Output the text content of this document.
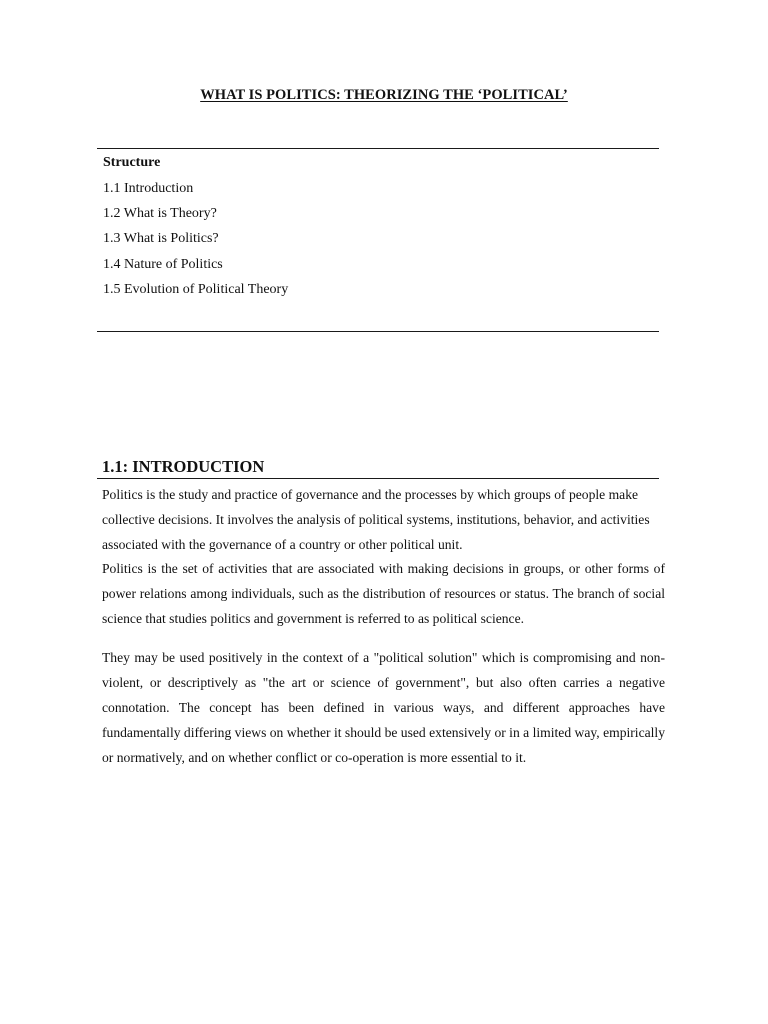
WHAT IS POLITICS: THEORIZING THE ‘POLITICAL’
Structure
1.1 Introduction
1.2 What is Theory?
1.3 What is Politics?
1.4 Nature of Politics
1.5 Evolution of Political Theory
1.1: INTRODUCTION

Politics is the study and practice of governance and the processes by which groups of people make collective decisions. It involves the analysis of political systems, institutions, behavior, and activities associated with the governance of a country or other political unit.

Politics is the set of activities that are associated with making decisions in groups, or other forms of power relations among individuals, such as the distribution of resources or status. The branch of social science that studies politics and government is referred to as political science.

They may be used positively in the context of a "political solution" which is compromising and non-violent, or descriptively as "the art or science of government", but also often carries a negative connotation. The concept has been defined in various ways, and different approaches have fundamentally differing views on whether it should be used extensively or in a limited way, empirically or normatively, and on whether conflict or co-operation is more essential to it.
